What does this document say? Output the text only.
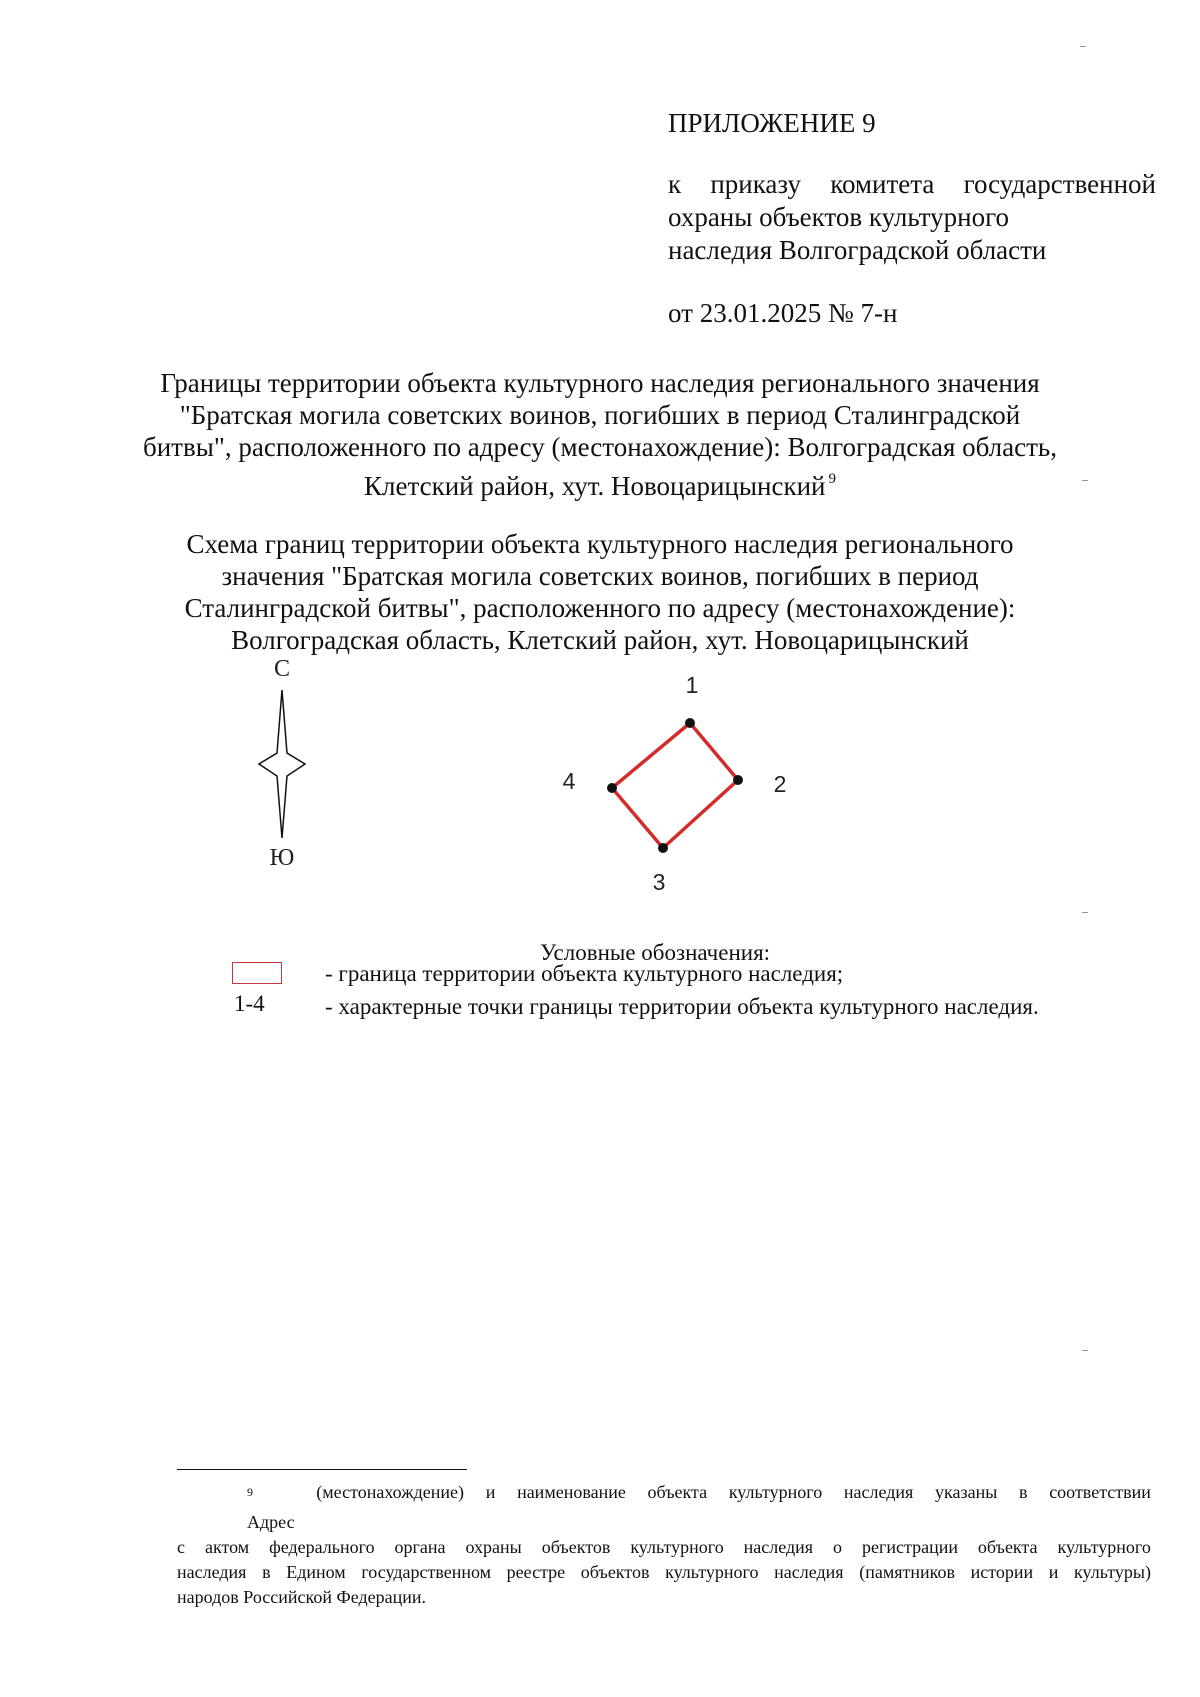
ПРИЛОЖЕНИЕ 9
к приказу комитета государственной
охраны объектов культурного
наследия Волгоградской области
от 23.01.2025 № 7-н
Границы территории объекта культурного наследия регионального значения
"Братская могила советских воинов, погибших в период Сталинградской
битвы", расположенного по адресу (местонахождение): Волгоградская область,
Клетский район, хут. Новоцарицынский $^9$
Схема границ территории объекта культурного наследия регионального
значения "Братская могила советских воинов, погибших в период
Сталинградской битвы", расположенного по адресу (местонахождение):
Волгоградская область, Клетский район, хут. Новоцарицынский
С
Ю
1
2
3
4
Условные обозначения:
- граница территории объекта культурного наследия;
1-4	- характерные точки границы территории объекта культурного наследия.
$^9$
Адрес
(местонахождение) и наименование объекта культурного наследия указаны в соответствии
с актом федерального органа охраны объектов культурного наследия о регистрации объекта культурного
наследия в Едином государственном реестре объектов культурного наследия (памятников истории и культуры)
народов Российской Федерации.
